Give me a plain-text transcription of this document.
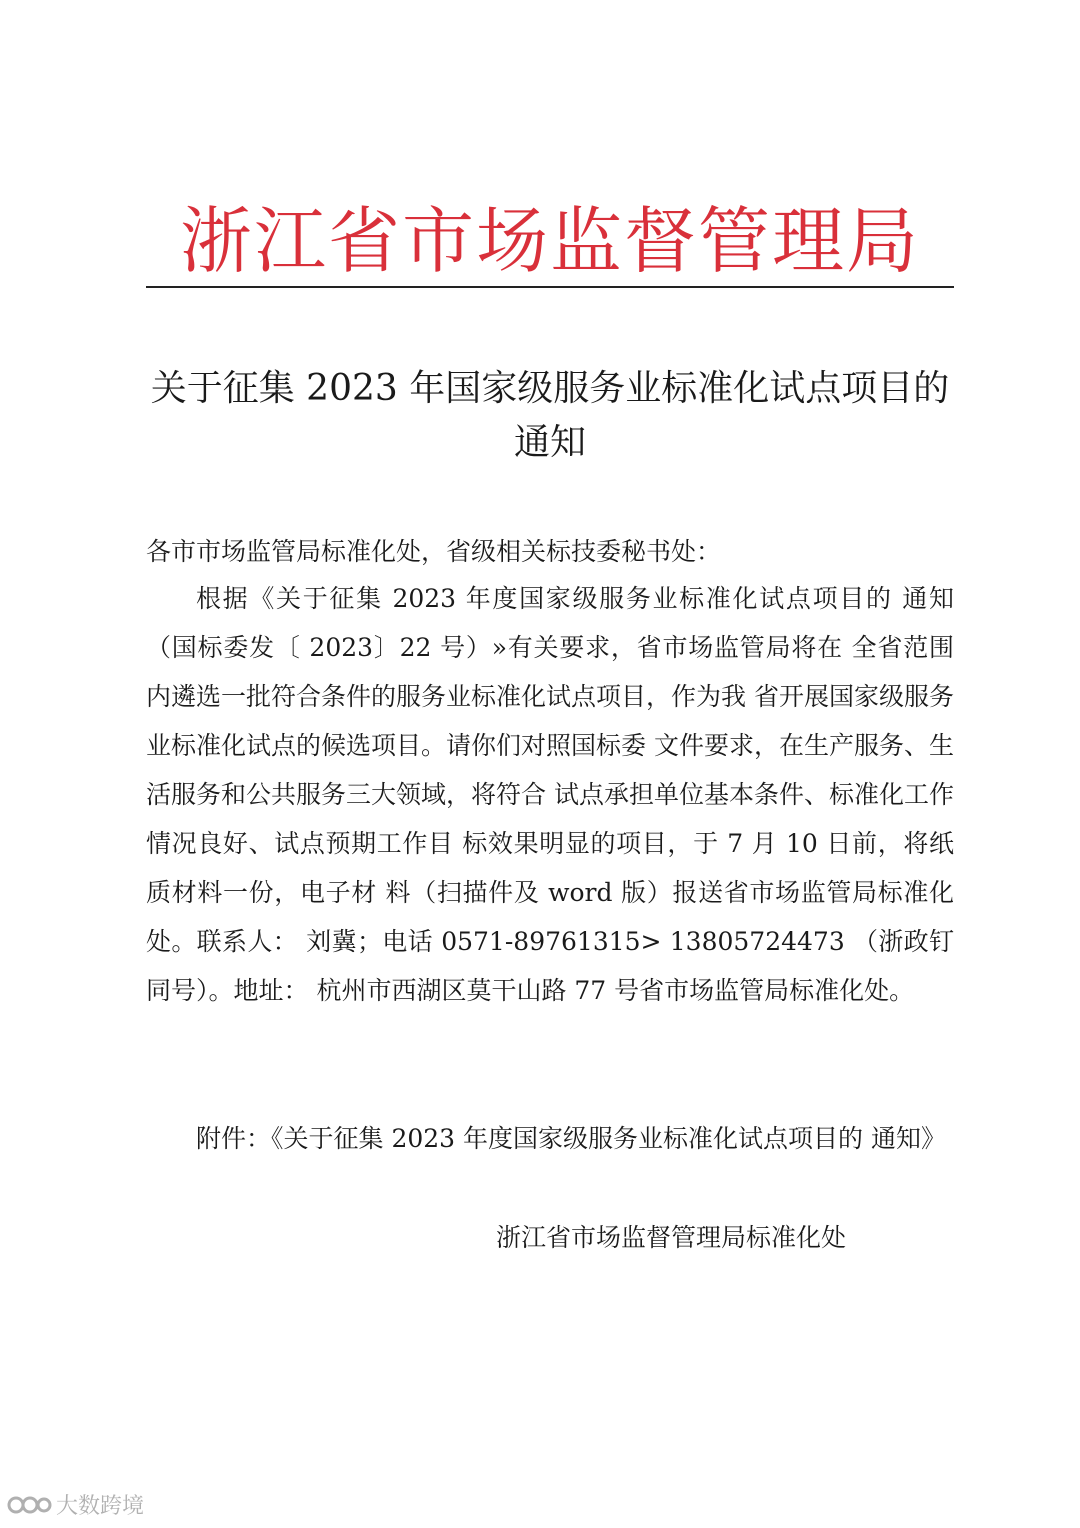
浙江省市场监督管理局
关于征集 2023 年国家级服务业标准化试点项目的通知
各市市场监管局标准化处，省级相关标技委秘书处：
根据《关于征集 2023 年度国家级服务业标准化试点项目的 通知（国标委发〔 2023〕22 号）»有关要求，省市场监管局将在 全省范围内遴选一批符合条件的服务业标准化试点项目，作为我 省开展国家级服务业标准化试点的候选项目。请你们对照国标委 文件要求，在生产服务、生活服务和公共服务三大领域，将符合 试点承担单位基本条件、标准化工作情况良好、试点预期工作目 标效果明显的项目，于 7 月 10 日前，将纸质材料一份，电子材 料（扫描件及 word 版）报送省市场监管局标准化处。联系人： 刘冀；电话 0571-89761315> 13805724473 （浙政钉同号）。地址： 杭州市西湖区莫干山路 77 号省市场监管局标准化处。
附件：《关于征集 2023 年度国家级服务业标准化试点项目的 通知》
浙江省市场监督管理局标准化处
大数跨境
